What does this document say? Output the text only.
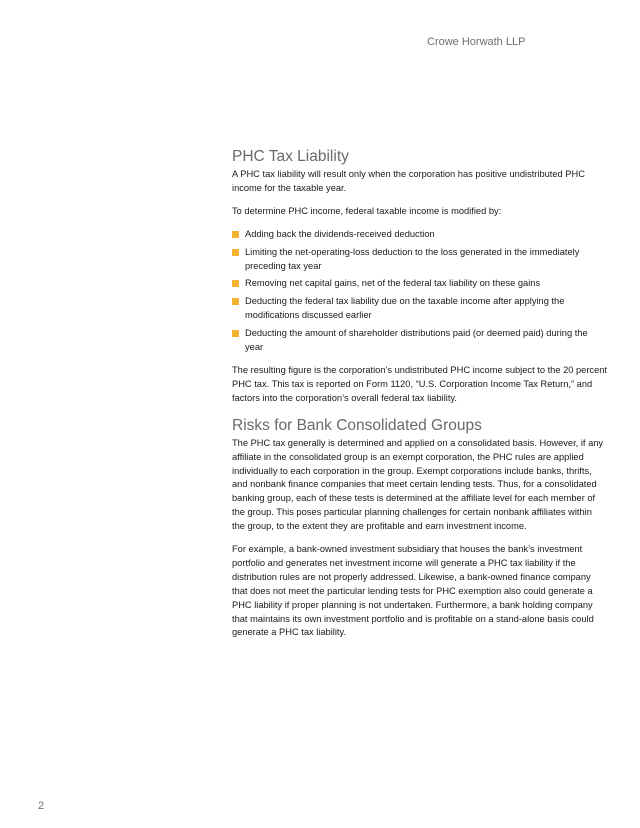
Crowe Horwath LLP
PHC Tax Liability

A PHC tax liability will result only when the corporation has positive undistributed PHC income for the taxable year.

To determine PHC income, federal taxable income is modified by:

Adding back the dividends-received deduction
Limiting the net-operating-loss deduction to the loss generated in the immediately preceding tax year
Removing net capital gains, net of the federal tax liability on these gains
Deducting the federal tax liability due on the taxable income after applying the modifications discussed earlier
Deducting the amount of shareholder distributions paid (or deemed paid) during the year

The resulting figure is the corporation’s undistributed PHC income subject to the 20 percent PHC tax. This tax is reported on Form 1120, “U.S. Corporation Income Tax Return,” and factors into the corporation’s overall federal tax liability.

Risks for Bank Consolidated Groups

The PHC tax generally is determined and applied on a consolidated basis. However, if any affiliate in the consolidated group is an exempt corporation, the PHC rules are applied individually to each corporation in the group. Exempt corporations include banks, thrifts, and nonbank finance companies that meet certain lending tests. Thus, for a consolidated banking group, each of these tests is determined at the affiliate level for each member of the group. This poses particular planning challenges for certain nonbank affiliates within the group, to the extent they are profitable and earn investment income.

For example, a bank-owned investment subsidiary that houses the bank’s investment portfolio and generates net investment income will generate a PHC tax liability if the distribution rules are not properly addressed. Likewise, a bank-owned finance company that does not meet the particular lending tests for PHC exemption also could generate a PHC liability if proper planning is not undertaken. Furthermore, a bank holding company that maintains its own investment portfolio and is profitable on a stand-alone basis could generate a PHC tax liability.

2
